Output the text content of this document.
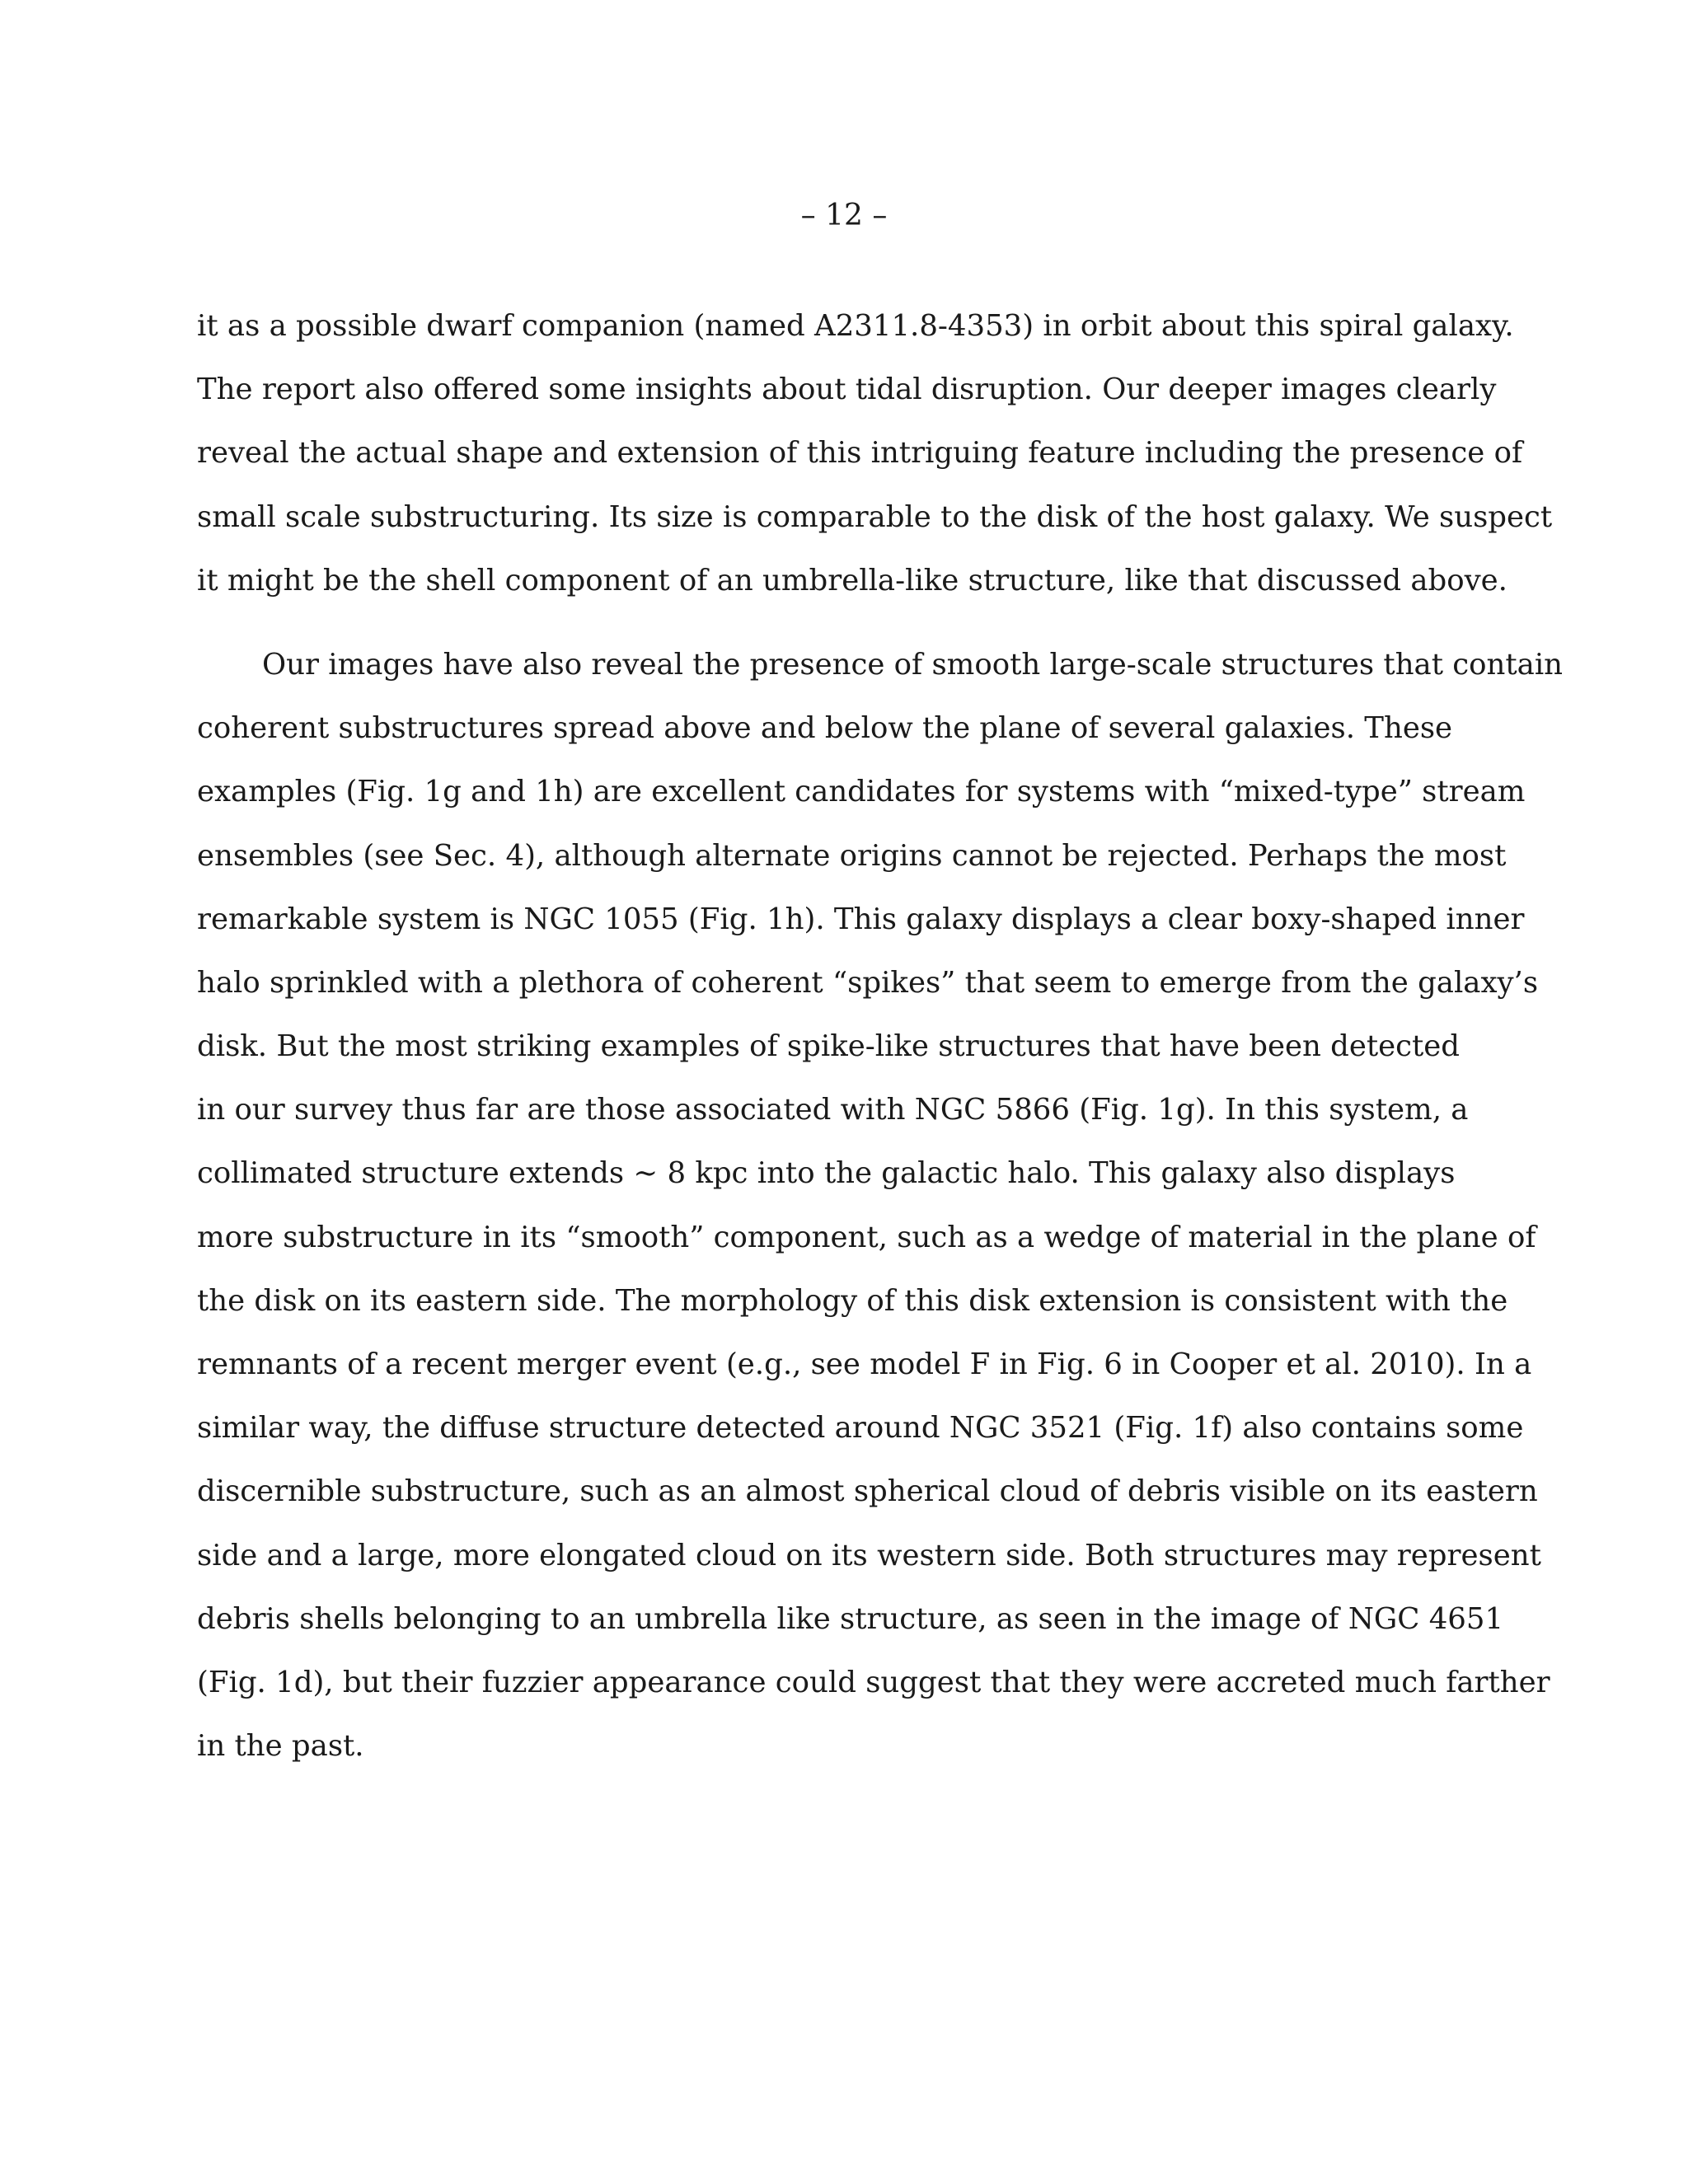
– 12 –
it as a possible dwarf companion (named A2311.8-4353) in orbit about this spiral galaxy.
The report also offered some insights about tidal disruption. Our deeper images clearly
reveal the actual shape and extension of this intriguing feature including the presence of
small scale substructuring. Its size is comparable to the disk of the host galaxy. We suspect
it might be the shell component of an umbrella-like structure, like that discussed above.
Our images have also reveal the presence of smooth large-scale structures that contain
coherent substructures spread above and below the plane of several galaxies. These
examples (Fig. 1g and 1h) are excellent candidates for systems with “mixed-type” stream
ensembles (see Sec. 4), although alternate origins cannot be rejected. Perhaps the most
remarkable system is NGC 1055 (Fig. 1h). This galaxy displays a clear boxy-shaped inner
halo sprinkled with a plethora of coherent “spikes” that seem to emerge from the galaxy’s
disk. But the most striking examples of spike-like structures that have been detected
in our survey thus far are those associated with NGC 5866 (Fig. 1g). In this system, a
collimated structure extends ∼ 8 kpc into the galactic halo. This galaxy also displays
more substructure in its “smooth” component, such as a wedge of material in the plane of
the disk on its eastern side. The morphology of this disk extension is consistent with the
remnants of a recent merger event (e.g., see model F in Fig. 6 in Cooper et al. 2010). In a
similar way, the diffuse structure detected around NGC 3521 (Fig. 1f) also contains some
discernible substructure, such as an almost spherical cloud of debris visible on its eastern
side and a large, more elongated cloud on its western side. Both structures may represent
debris shells belonging to an umbrella like structure, as seen in the image of NGC 4651
(Fig. 1d), but their fuzzier appearance could suggest that they were accreted much farther
in the past.
